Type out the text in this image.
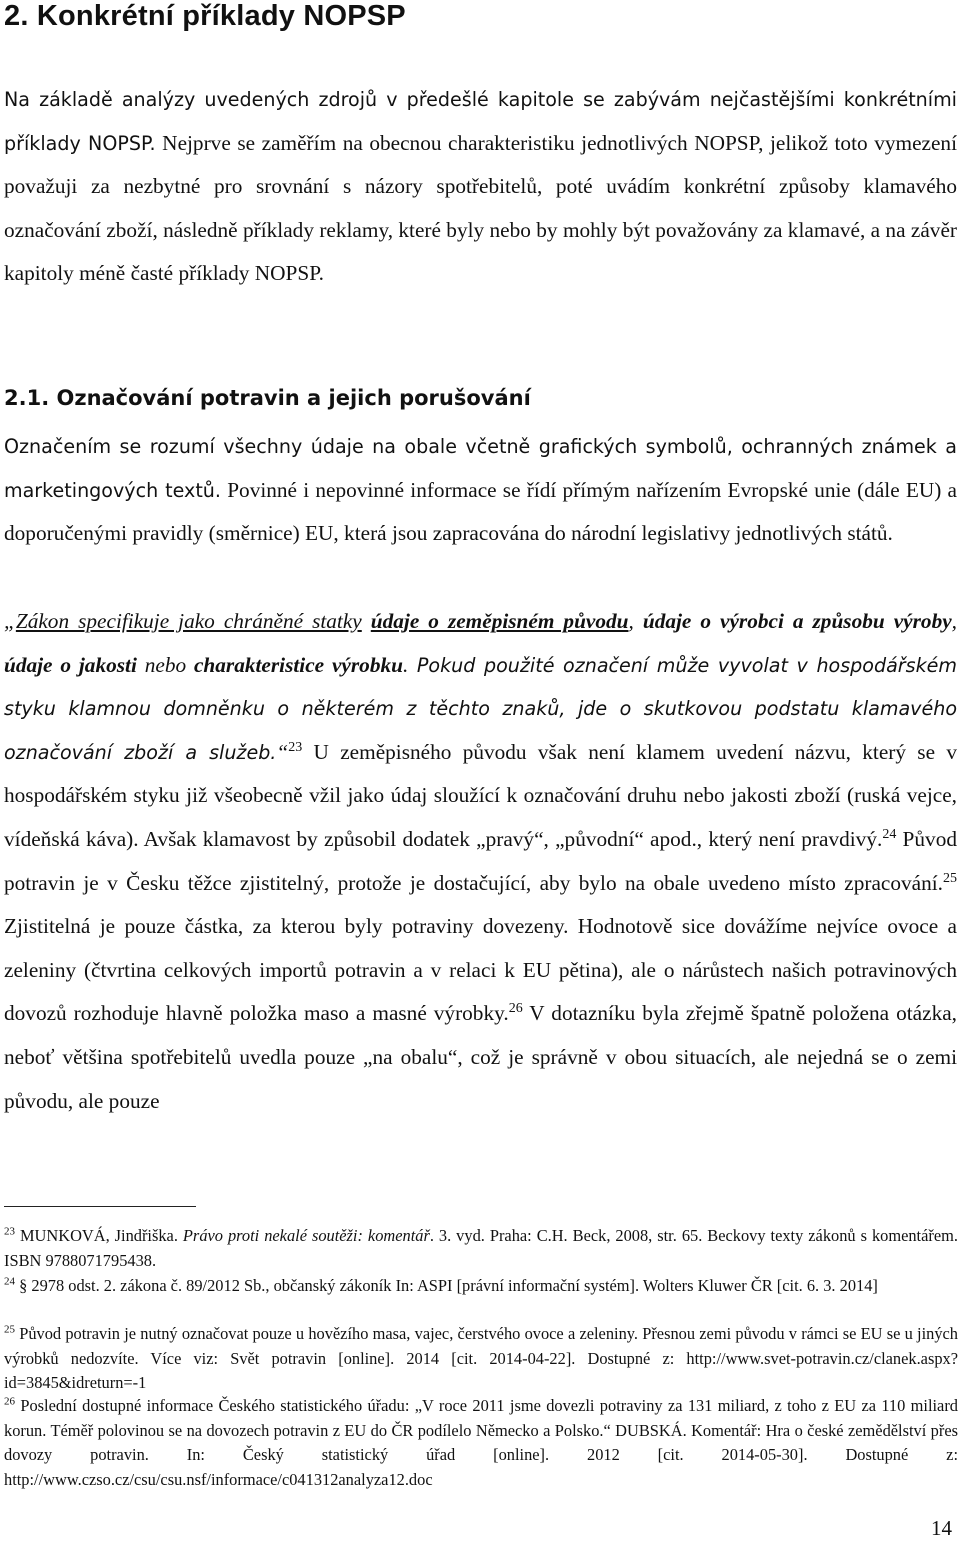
2. Konkrétní příklady NOPSP

Na základě analýzy uvedených zdrojů v předešlé kapitole se zabývám nejčastějšími konkrétními příklady NOPSP. Nejprve se zaměřím na obecnou charakteristiku jednotlivých NOPSP, jelikož toto vymezení považuji za nezbytné pro srovnání s názory spotřebitelů, poté uvádím konkrétní způsoby klamavého označování zboží, následně příklady reklamy, které byly nebo by mohly být považovány za klamavé, a na závěr kapitoly méně časté příklady NOPSP.

2.1. Označování potravin a jejich porušování

Označením se rozumí všechny údaje na obale včetně grafických symbolů, ochranných známek a marketingových textů. Povinné i nepovinné informace se řídí přímým nařízením Evropské unie (dále EU) a doporučenými pravidly (směrnice) EU, která jsou zapracována do národní legislativy jednotlivých států.

„Zákon specifikuje jako chráněné statky údaje o zeměpisném původu, údaje o výrobci a způsobu výroby, údaje o jakosti nebo charakteristice výrobku. Pokud použité označení může vyvolat v hospodářském styku klamnou domněnku o některém z těchto znaků, jde o skutkovou podstatu klamavého označování zboží a služeb.“$^{23}$ U zeměpisného původu však není klamem uvedení názvu, který se v hospodářském styku již všeobecně vžil jako údaj sloužící k označování druhu nebo jakosti zboží (ruská vejce, vídeňská káva). Avšak klamavost by způsobil dodatek „pravý“, „původní“ apod., který není pravdivý.$^{24}$ Původ potravin je v Česku těžce zjistitelný, protože je dostačující, aby bylo na obale uvedeno místo zpracování.$^{25}$ Zjistitelná je pouze částka, za kterou byly potraviny dovezeny. Hodnotově sice dovážíme nejvíce ovoce a zeleniny (čtvrtina celkových importů potravin a v relaci k EU pětina), ale o nárůstech našich potravinových dovozů rozhoduje hlavně položka maso a masné výrobky.$^{26}$ V dotazníku byla zřejmě špatně položena otázka, neboť většina spotřebitelů uvedla pouze „na obalu“, což je správně v obou situacích, ale nejedná se o zemi původu, ale pouze

$^{23}$ MUNKOVÁ, Jindřiška. Právo proti nekalé soutěži: komentář. 3. vyd. Praha: C.H. Beck, 2008, str. 65. Beckovy texty zákonů s komentářem. ISBN 9788071795438.

$^{24}$ § 2978 odst. 2. zákona č. 89/2012 Sb., občanský zákoník In: ASPI [právní informační systém]. Wolters Kluwer ČR [cit. 6. 3. 2014]

$^{25}$ Původ potravin je nutný označovat pouze u hovězího masa, vajec, čerstvého ovoce a zeleniny. Přesnou zemi původu v rámci se EU se u jiných výrobků nedozvíte. Více viz: Svět potravin [online]. 2014 [cit. 2014-04-22]. Dostupné z: http://www.svet-potravin.cz/clanek.aspx?id=3845&idreturn=-1

$^{26}$ Poslední dostupné informace Českého statistického úřadu: „V roce 2011 jsme dovezli potraviny za 131 miliard, z toho z EU za 110 miliard korun. Téměř polovinou se na dovozech potravin z EU do ČR podílelo Německo a Polsko.“ DUBSKÁ. Komentář: Hra o české zemědělství přes dovozy potravin. In: Český statistický úřad [online]. 2012 [cit. 2014-05-30]. Dostupné z: http://www.czso.cz/csu/csu.nsf/informace/c041312analyza12.doc

14
